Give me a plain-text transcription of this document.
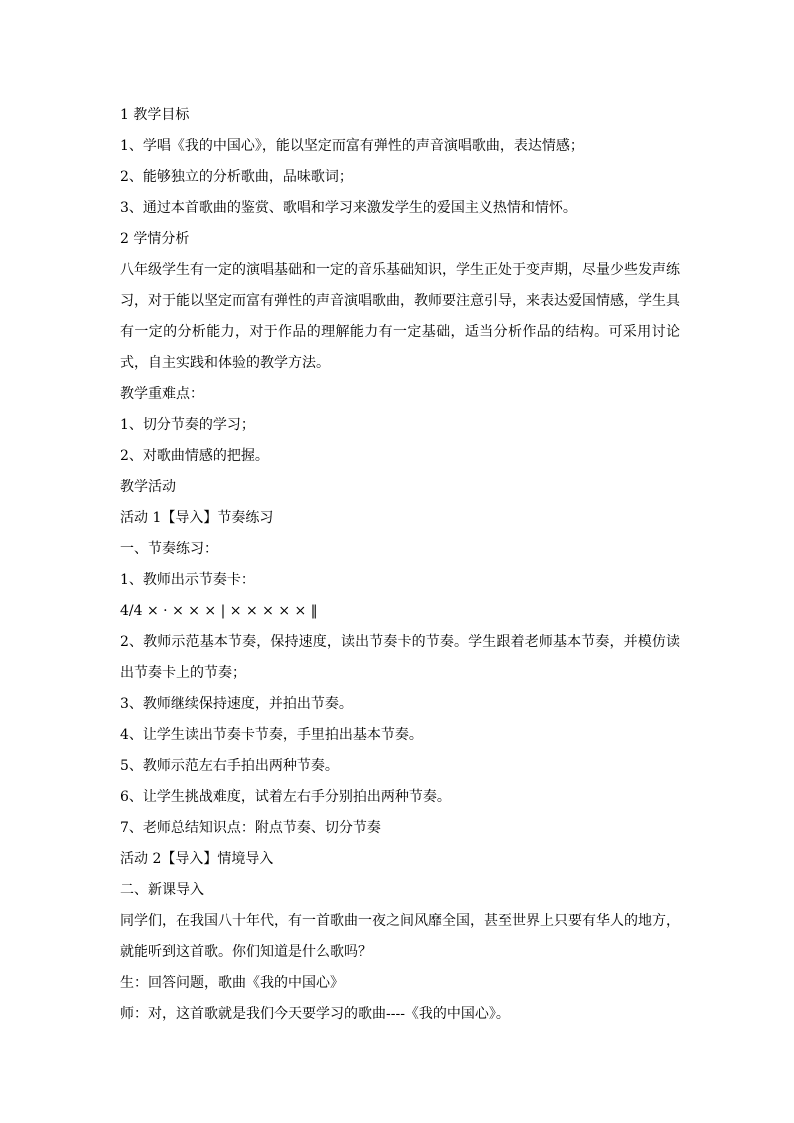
1 教学目标
1、学唱《我的中国心》，能以坚定而富有弹性的声音演唱歌曲，表达情感；
2、能够独立的分析歌曲，品味歌词；
3、通过本首歌曲的鉴赏、歌唱和学习来激发学生的爱国主义热情和情怀。
2 学情分析
八年级学生有一定的演唱基础和一定的音乐基础知识，学生正处于变声期，尽量少些发声练习，对于能以坚定而富有弹性的声音演唱歌曲，教师要注意引导，来表达爱国情感，学生具有一定的分析能力，对于作品的理解能力有一定基础，适当分析作品的结构。可采用讨论式，自主实践和体验的教学方法。
教学重难点：
1、切分节奏的学习；
2、对歌曲情感的把握。
教学活动
活动 1【导入】节奏练习
一、节奏练习：
1、教师出示节奏卡：
4/4 × · × × × | × × × × × ‖
2、教师示范基本节奏，保持速度，读出节奏卡的节奏。学生跟着老师基本节奏，并模仿读出节奏卡上的节奏；
3、教师继续保持速度，并拍出节奏。
4、让学生读出节奏卡节奏，手里拍出基本节奏。
5、教师示范左右手拍出两种节奏。
6、让学生挑战难度，试着左右手分别拍出两种节奏。
7、老师总结知识点：附点节奏、切分节奏
活动 2【导入】情境导入
二、新课导入
同学们，在我国八十年代，有一首歌曲一夜之间风靡全国，甚至世界上只要有华人的地方，就能听到这首歌。你们知道是什么歌吗？
生：回答问题，歌曲《我的中国心》
师：对，这首歌就是我们今天要学习的歌曲----《我的中国心》。
